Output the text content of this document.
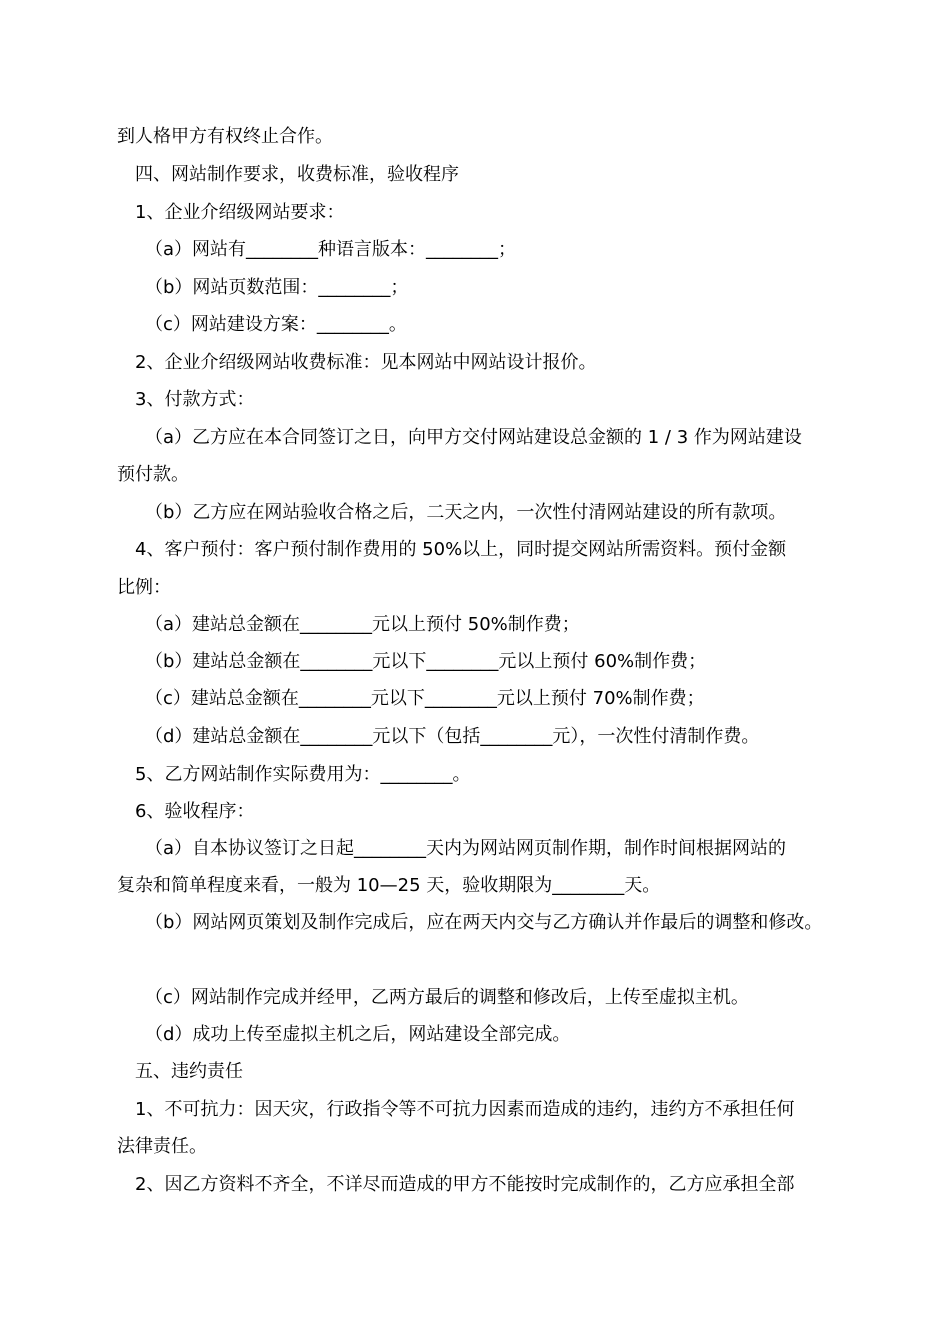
到人格甲方有权终止合作。
四、网站制作要求，收费标准，验收程序
1、企业介绍级网站要求：
（a）网站有________种语言版本：________；
（b）网站页数范围：________；
（c）网站建设方案：________。
2、企业介绍级网站收费标准：见本网站中网站设计报价。
3、付款方式：
（a）乙方应在本合同签订之日，向甲方交付网站建设总金额的 1 / 3 作为网站建设
预付款。
（b）乙方应在网站验收合格之后，二天之内，一次性付清网站建设的所有款项。
4、客户预付：客户预付制作费用的 50%以上，同时提交网站所需资料。预付金额
比例：
（a）建站总金额在________元以上预付 50%制作费；
（b）建站总金额在________元以下________元以上预付 60%制作费；
（c）建站总金额在________元以下________元以上预付 70%制作费；
（d）建站总金额在________元以下（包括________元），一次性付清制作费。
5、乙方网站制作实际费用为：________。
6、验收程序：
（a）自本协议签订之日起________天内为网站网页制作期，制作时间根据网站的
复杂和简单程度来看，一般为 10—25 天，验收期限为________天。
（b）网站网页策划及制作完成后，应在两天内交与乙方确认并作最后的调整和修改。
（c）网站制作完成并经甲，乙两方最后的调整和修改后，上传至虚拟主机。
（d）成功上传至虚拟主机之后，网站建设全部完成。
五、违约责任
1、不可抗力：因天灾，行政指令等不可抗力因素而造成的违约，违约方不承担任何
法律责任。
2、因乙方资料不齐全，不详尽而造成的甲方不能按时完成制作的，乙方应承担全部
